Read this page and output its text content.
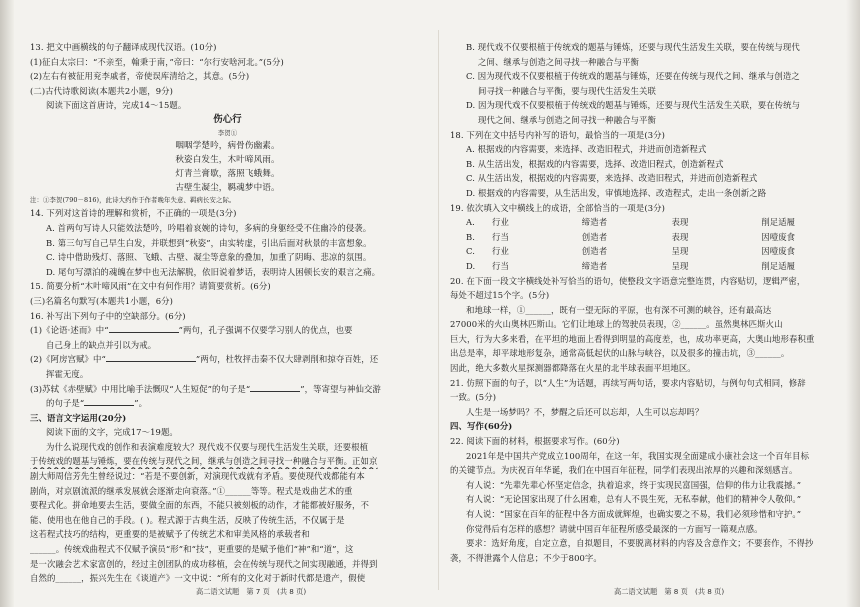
13. 把文中画横线的句子翻译成现代汉语。(10分)
(1)征白太宗曰：“不亲至，翰秉于南，”帝曰：“尔行安啥河北。”(5分)
(2)左右有被征用兖李戚者，帝使误库清给之，其意。(5分)
(二)古代诗歌阅读(本题共2小题，9分)
阅读下面这首唐诗，完成14～15题。
伤心行
李贺①
咽咽学楚吟，病骨伤幽素。
秋姿白发生，木叶啼风雨。
灯青兰膏歇，落照飞蛾舞。
古壁生凝尘，羁魂梦中语。
注：①李贺(790－816)，此诗大约作于作者晚年失意、羁病长安之际。
14. 下列对这首诗的理解和赏析，不正确的一项是(3分)
A. 首两句写诗人只能效法楚吟，吟唱着哀婉的诗句，多病的身躯经受不住幽冷的侵袭。
B. 第三句写自己早生白发，并联想到“秋姿”，由实转虚，引出后面对秋景的丰富想象。
C. 诗中借助残灯、落照、飞蛾、古壁、凝尘等意象的叠加，加重了阴晦、悲凉的氛围。
D. 尾句写漂泊的魂魄在梦中也无法解脱，依旧说着梦话，表明诗人困顿长安的艰言之痛。
15. 简要分析“木叶啼风雨”在文中有何作用？请简要赏析。(6分)
(三)名篇名句默写(本题共1小题，6分)
16. 补写出下列句子中的空缺部分。(6分)
(1)《论语·述而》中“	”两句，孔子强调不仅要学习别人的优点，也要
自己身上的缺点并引以为戒。
(2)《阿房宫赋》中“	”两句，杜牧抨击秦不仅大肆剥削和掠夺百姓，还
挥霍无度。
(3)苏轼《赤壁赋》中用比喻手法慨叹“人生短促”的句子是“	”，等寄望与神仙交游
的句子是“	”。
三、语言文字运用(20分)
阅读下面的文字，完成17～19题。
为什么说现代戏的创作和表演难度较大？现代戏不仅要与现代生活发生关联，还要根植
于传统戏的题基与锤炼，要在传统与现代之间，继承与创造之间寻找一种融合与平衡。正如京
剧大师周信芳先生曾经说过：“若是不要创新，对演现代戏就有矛盾。要使现代戏都能有本
剧尚，对京剧流派的继承发展就会逐渐走向衰落。”①______等等。程式是戏曲艺术的重
要程式化。拼命地要去生活，要做全面的东西，不能只被刻板的动作，才能都被好服务，不
能、使用也在他自己的手段。( )。程式源于古典生活，反映了传统生活，不仅属于是
这若程式技巧的结构，更重要的是被赋予了传统艺术和审美风格的承载者和
______。传统戏曲程式不仅赋予演员“形”和“技”，更重要的是赋予他们“神”和“道”，这
是一次融会艺术家富创的，经过主创团队的成功移植，会在传统与现代之间实现融通，并得到
自然的______，振兴先生在《谈道产》一文中说：“所有的文化对于新时代都是遗产，假使
高二语文试题　第 7 页　(共 8 页)
B. 现代戏不仅要根植于传统戏的题基与锤炼，还要与现代生活发生关联，要在传统与现代
之间、继承与创造之间寻找一种融合与平衡
C. 因为现代戏不仅要根植于传统戏的题基与锤炼，还要在传统与现代之间、继承与创造之
间寻找一种融合与平衡，要与现代生活发生关联
D. 因为现代戏不仅要根植于传统戏的题基与锤炼，还要与现代生活发生关联，要在传统与
现代之间、继承与创造之间寻找一种融合与平衡
18. 下列在文中括号内补写的语句，最恰当的一项是(3分)
A. 根据戏的内容需要，来选择、改造旧程式，并进而创造新程式
B. 从生活出发，根据戏的内容需要，选择、改造旧程式，创造新程式
C. 从生活出发，根据戏的内容需要，来选择、改造旧程式，并进而创造新程式
D. 根据戏的内容需要，从生活出发，审慎地选择、改造程式，走出一条创新之路
19. 依次填入文中横线上的成语，全部恰当的一项是(3分)
A.	行业	缔造者	表现	削足适履
B.	行当	创造者	表现	因噎废食
C.	行业	创造者	呈现	因噎废食
D.	行当	缔造者	呈现	削足适履
20. 在下面一段文字横线处补写恰当的语句，使整段文字语意完整连贯，内容贴切，逻辑严密，
每处不超过15个字。(5分)
和地球一样，①______，既有一望无际的平原，也有深不可测的峡谷，还有最高达
27000米的火山奥林匹斯山。它们让地球上的驾驶员表现，②______。虽然奥林匹斯火山
巨大，行为大多来看，在平坦的地面上看得到明显的高度差，也，成功率更高，大奥山地形春积重
出总是率，却平球地形复杂，通常高低起伏的山脉与峡谷，以及很多的撞击坑，③______。
因此，绝大多数火星探测器都降落在火星的北半球表面平坦地区。
21. 仿照下面的句子，以“人生”为话题，再续写两句话，要求内容贴切，与例句句式相同，修辞
一致。(5分)
人生是一场梦吗？不，梦醒之后还可以忘却，人生可以忘却吗？
四、写作(60分)
22. 阅读下面的材料，根据要求写作。(60分)
2021年是中国共产党成立100周年，在这一年，我国实现全面建成小康社会这一个百年目标
的关键节点。为庆祝百年华诞，我们在中国百年征程，同学们表现出浓厚的兴趣和深刻感言。
有人说：“先辈先辈心怀坚定信念，执着追求，终于实现民富国强，信仰的伟力让我震撼。”
有人说：“无论国家出现了什么困难，总有人不畏生死，无私奉献，他们的精神令人敬仰。”
有人说：“国家在百年的征程中各方面成就辉煌，也确实要之不易，我们必须珍惜和守护。”
你觉得后有怎样的感想？请就中国百年征程所感受最深的一方面写一篇观点感。
要求：选好角度，自定立意，自拟题目，不要脱离材料的内容及含意作文；不要套作，不得抄
袭，不得泄露个人信息；不少于800字。
高二语文试题　第 8 页　(共 8 页)
